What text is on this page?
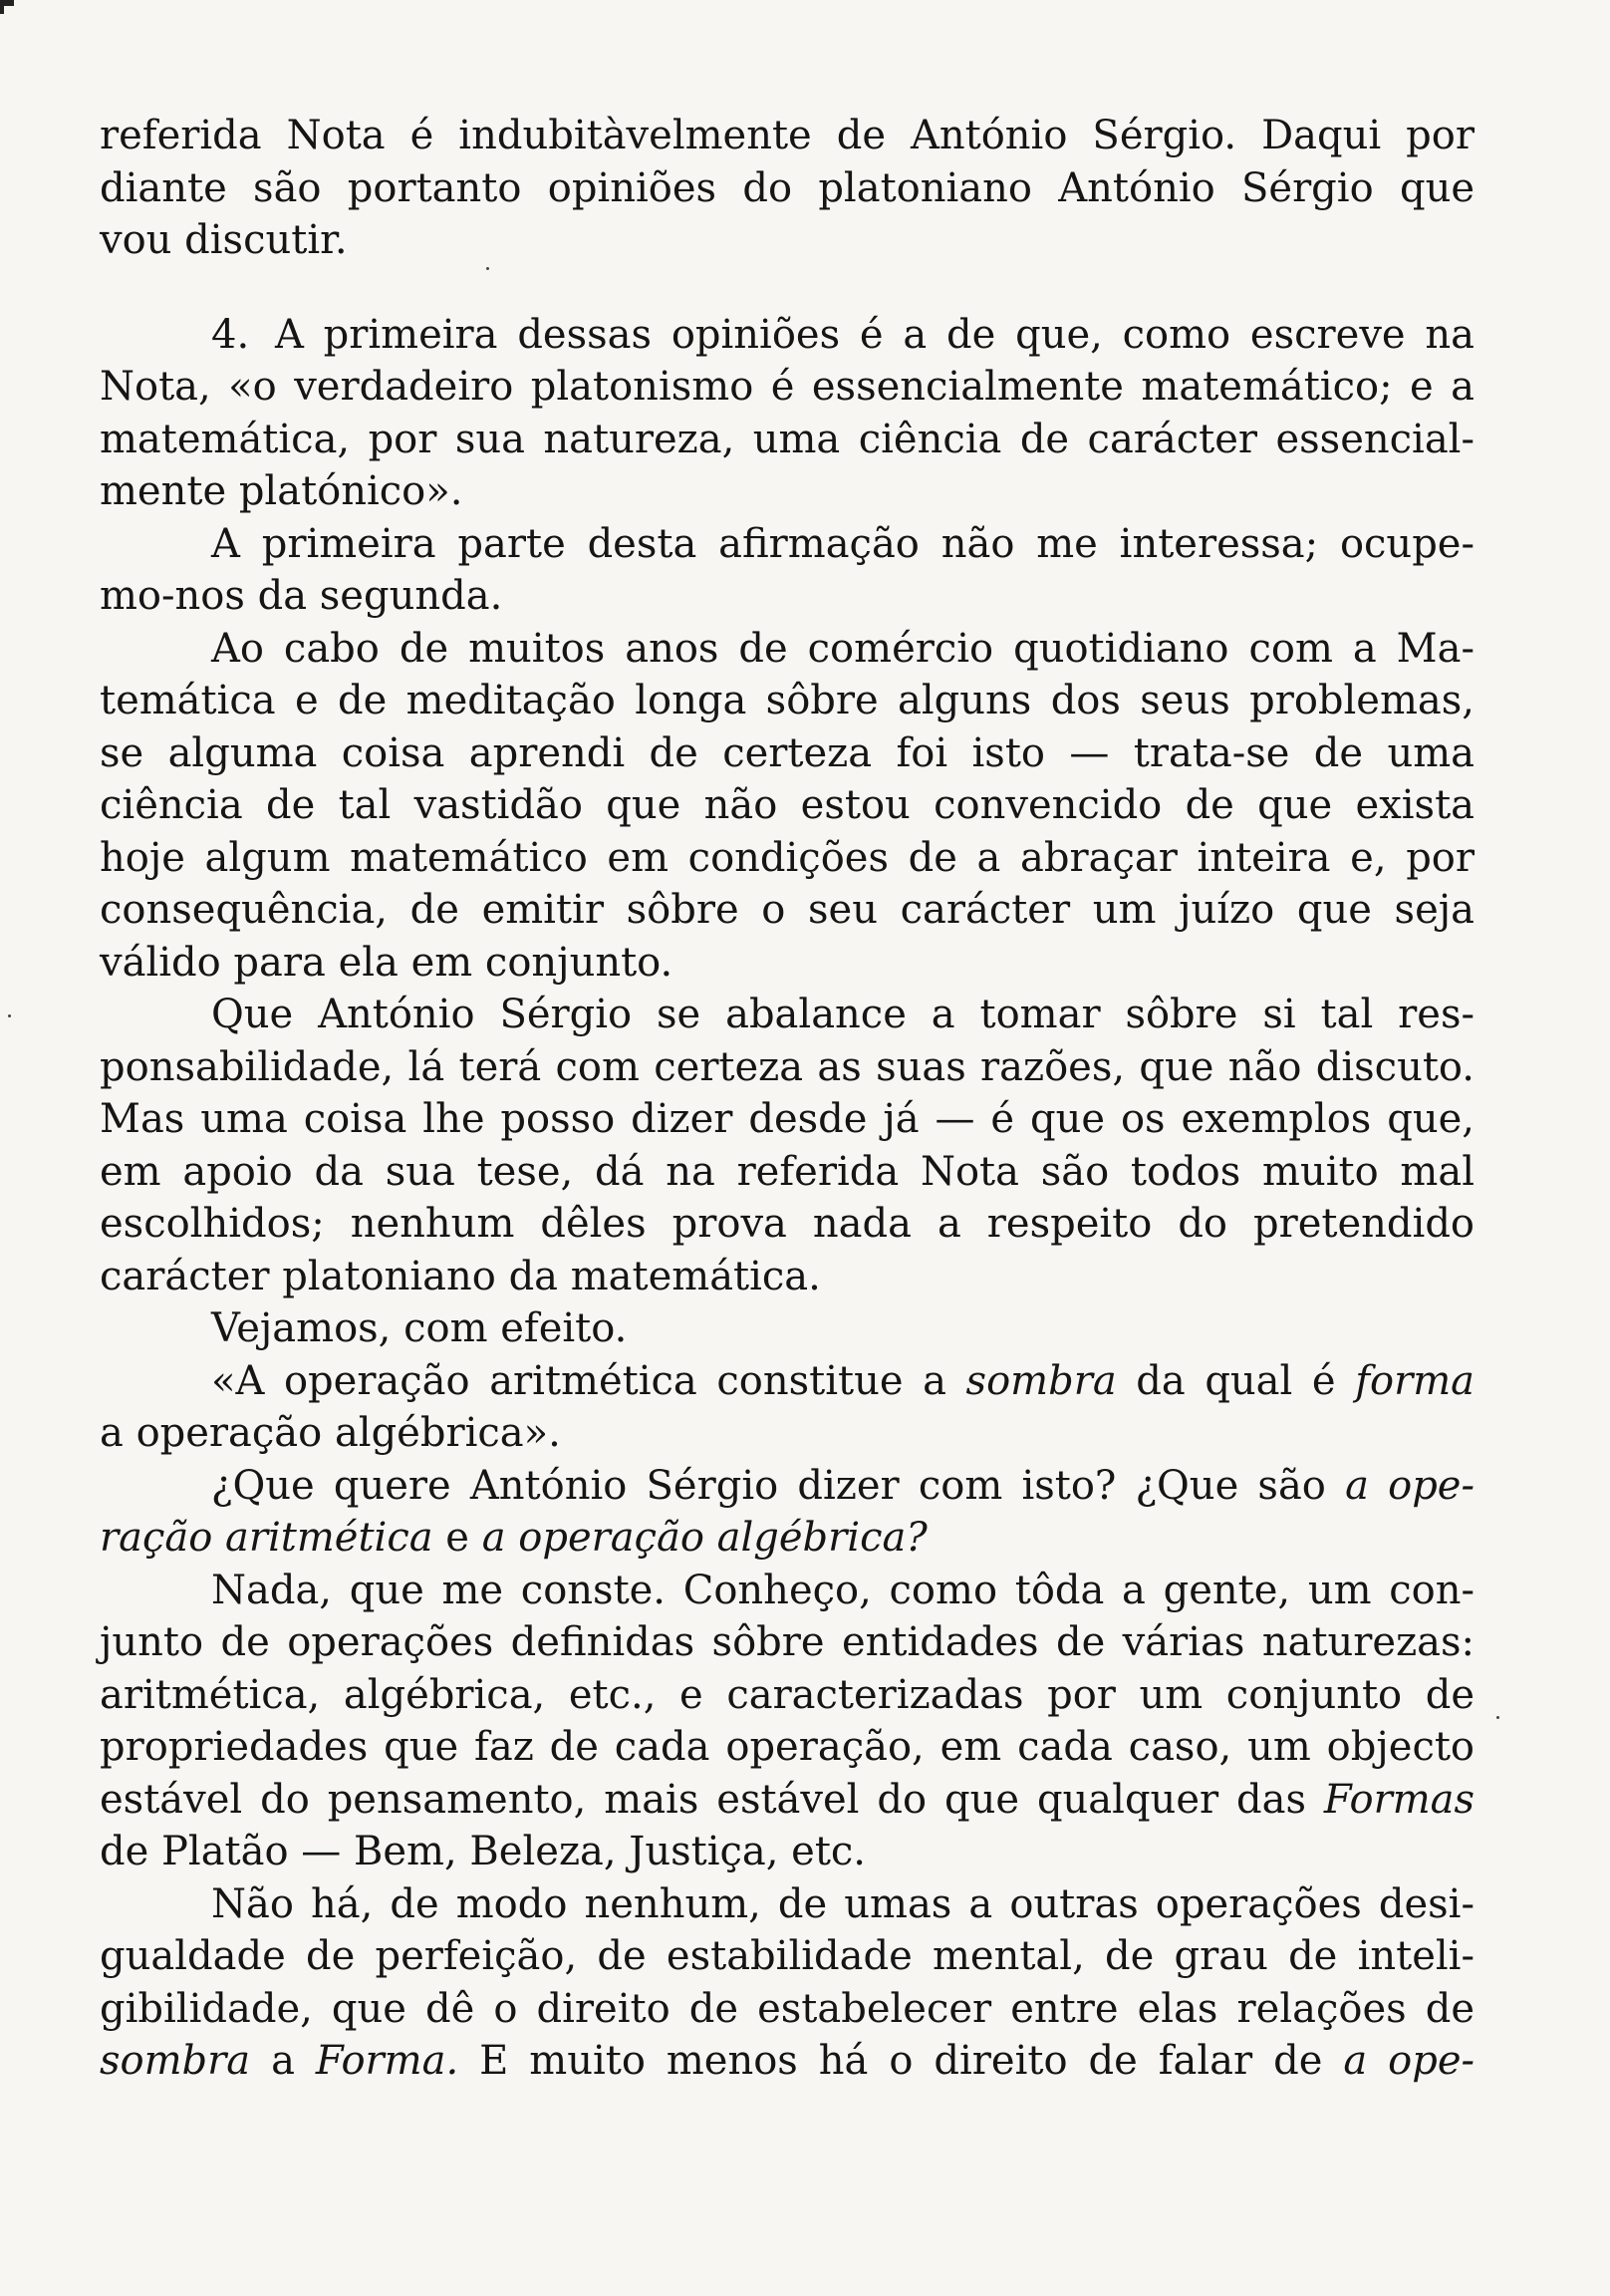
referida Nota é indubitàvelmente de António Sérgio. Daqui por
diante são portanto opiniões do platoniano António Sérgio que
vou discutir.
4. A primeira dessas opiniões é a de que, como escreve na
Nota, «o verdadeiro platonismo é essencialmente matemático; e a
matemática, por sua natureza, uma ciência de carácter essencial-
mente platónico».
A primeira parte desta afirmação não me interessa; ocupe-
mo-nos da segunda.
Ao cabo de muitos anos de comércio quotidiano com a Ma-
temática e de meditação longa sôbre alguns dos seus problemas,
se alguma coisa aprendi de certeza foi isto — trata-se de uma
ciência de tal vastidão que não estou convencido de que exista
hoje algum matemático em condições de a abraçar inteira e, por
consequência, de emitir sôbre o seu carácter um juízo que seja
válido para ela em conjunto.
Que António Sérgio se abalance a tomar sôbre si tal res-
ponsabilidade, lá terá com certeza as suas razões, que não discuto.
Mas uma coisa lhe posso dizer desde já — é que os exemplos que,
em apoio da sua tese, dá na referida Nota são todos muito mal
escolhidos; nenhum dêles prova nada a respeito do pretendido
carácter platoniano da matemática.
Vejamos, com efeito.
«A operação aritmética constitue a sombra da qual é forma
a operação algébrica».
¿Que quere António Sérgio dizer com isto? ¿Que são a ope-
ração aritmética e a operação algébrica?
Nada, que me conste. Conheço, como tôda a gente, um con-
junto de operações definidas sôbre entidades de várias naturezas:
aritmética, algébrica, etc., e caracterizadas por um conjunto de
propriedades que faz de cada operação, em cada caso, um objecto
estável do pensamento, mais estável do que qualquer das Formas
de Platão — Bem, Beleza, Justiça, etc.
Não há, de modo nenhum, de umas a outras operações desi-
gualdade de perfeição, de estabilidade mental, de grau de inteli-
gibilidade, que dê o direito de estabelecer entre elas relações de
sombra a Forma. E muito menos há o direito de falar de a ope-
